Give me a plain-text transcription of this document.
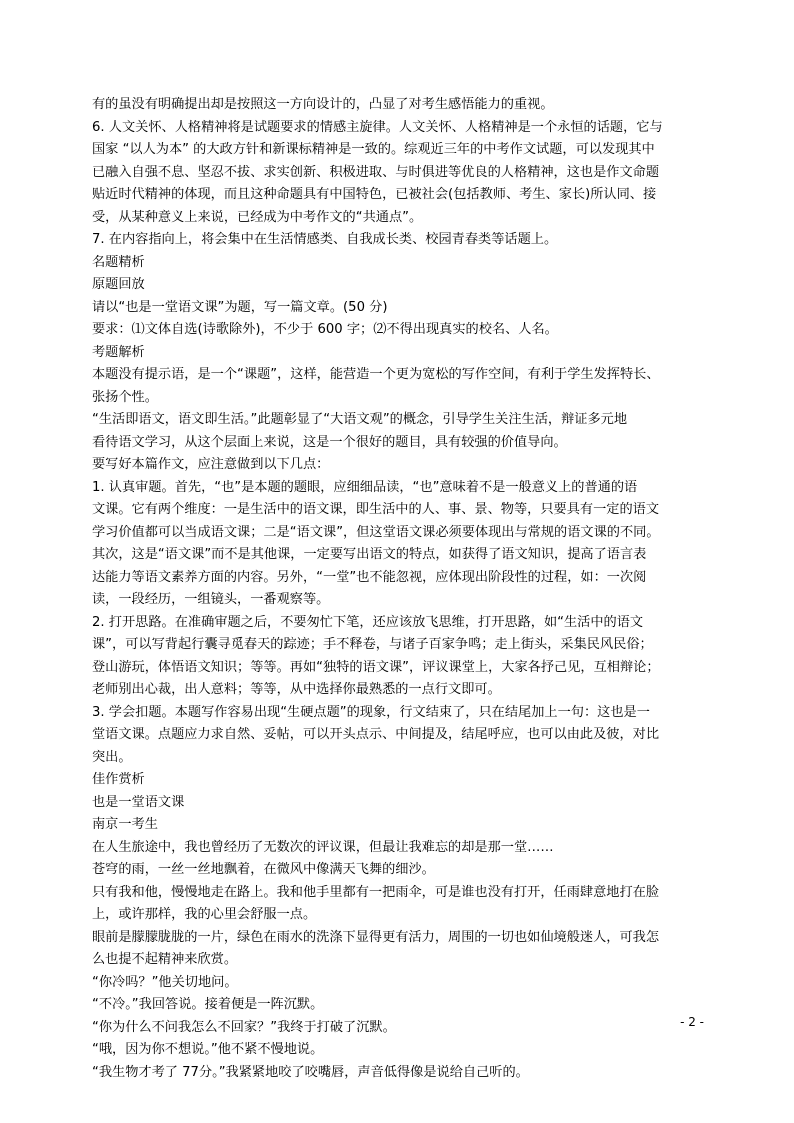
有的虽没有明确提出却是按照这一方向设计的，凸显了对考生感悟能力的重视。
6. 人文关怀、人格精神将是试题要求的情感主旋律。人文关怀、人格精神是一个永恒的话题，它与
国家 “以人为本” 的大政方针和新课标精神是一致的。综观近三年的中考作文试题，可以发现其中
已融入自强不息、坚忍不拔、求实创新、积极进取、与时俱进等优良的人格精神，这也是作文命题
贴近时代精神的体现，而且这种命题具有中国特色，已被社会(包括教师、考生、家长)所认同、接
受，从某种意义上来说，已经成为中考作文的“共通点”。
7. 在内容指向上，将会集中在生活情感类、自我成长类、校园青春类等话题上。
名题精析
原题回放
请以“也是一堂语文课”为题，写一篇文章。(50 分)
要求：⑴文体自选(诗歌除外)，不少于 600 字；⑵不得出现真实的校名、人名。
考题解析
本题没有提示语，是一个“课题”，这样，能营造一个更为宽松的写作空间，有利于学生发挥特长、
张扬个性。
“生活即语文，语文即生活。”此题彰显了“大语文观”的概念，引导学生关注生活，辩证多元地
看待语文学习，从这个层面上来说，这是一个很好的题目，具有较强的价值导向。
要写好本篇作文，应注意做到以下几点：
1. 认真审题。首先，“也”是本题的题眼，应细细品读，“也”意味着不是一般意义上的普通的语
文课。它有两个维度：一是生活中的语文课，即生活中的人、事、景、物等，只要具有一定的语文
学习价值都可以当成语文课；二是“语文课”，但这堂语文课必须要体现出与常规的语文课的不同。
其次，这是“语文课”而不是其他课，一定要写出语文的特点，如获得了语文知识，提高了语言表
达能力等语文素养方面的内容。另外，“一堂”也不能忽视，应体现出阶段性的过程，如：一次阅
读，一段经历，一组镜头，一番观察等。
2. 打开思路。在准确审题之后，不要匆忙下笔，还应该放飞思维，打开思路，如“生活中的语文
课”，可以写背起行囊寻觅春天的踪迹；手不释卷，与诸子百家争鸣；走上街头，采集民风民俗；
登山游玩，体悟语文知识；等等。再如“独特的语文课”，评议课堂上，大家各抒己见，互相辩论；
老师别出心裁，出人意料；等等，从中选择你最熟悉的一点行文即可。
3. 学会扣题。本题写作容易出现“生硬点题”的现象，行文结束了，只在结尾加上一句：这也是一
堂语文课。点题应力求自然、妥帖，可以开头点示、中间提及，结尾呼应，也可以由此及彼，对比
突出。
佳作赏析
也是一堂语文课
南京一考生
在人生旅途中，我也曾经历了无数次的评议课，但最让我难忘的却是那一堂……
苍穹的雨，一丝一丝地飘着，在微风中像满天飞舞的细沙。
只有我和他，慢慢地走在路上。我和他手里都有一把雨伞，可是谁也没有打开，任雨肆意地打在脸
上，或许那样，我的心里会舒服一点。
眼前是朦朦胧胧的一片，绿色在雨水的洗涤下显得更有活力，周围的一切也如仙境般迷人，可我怎
么也提不起精神来欣赏。
“你冷吗？”他关切地问。
“不冷。”我回答说。接着便是一阵沉默。
“你为什么不问我怎么不回家？”我终于打破了沉默。
“哦，因为你不想说。”他不紧不慢地说。
“我生物才考了 77分。”我紧紧地咬了咬嘴唇，声音低得像是说给自己听的。
- 2 -
